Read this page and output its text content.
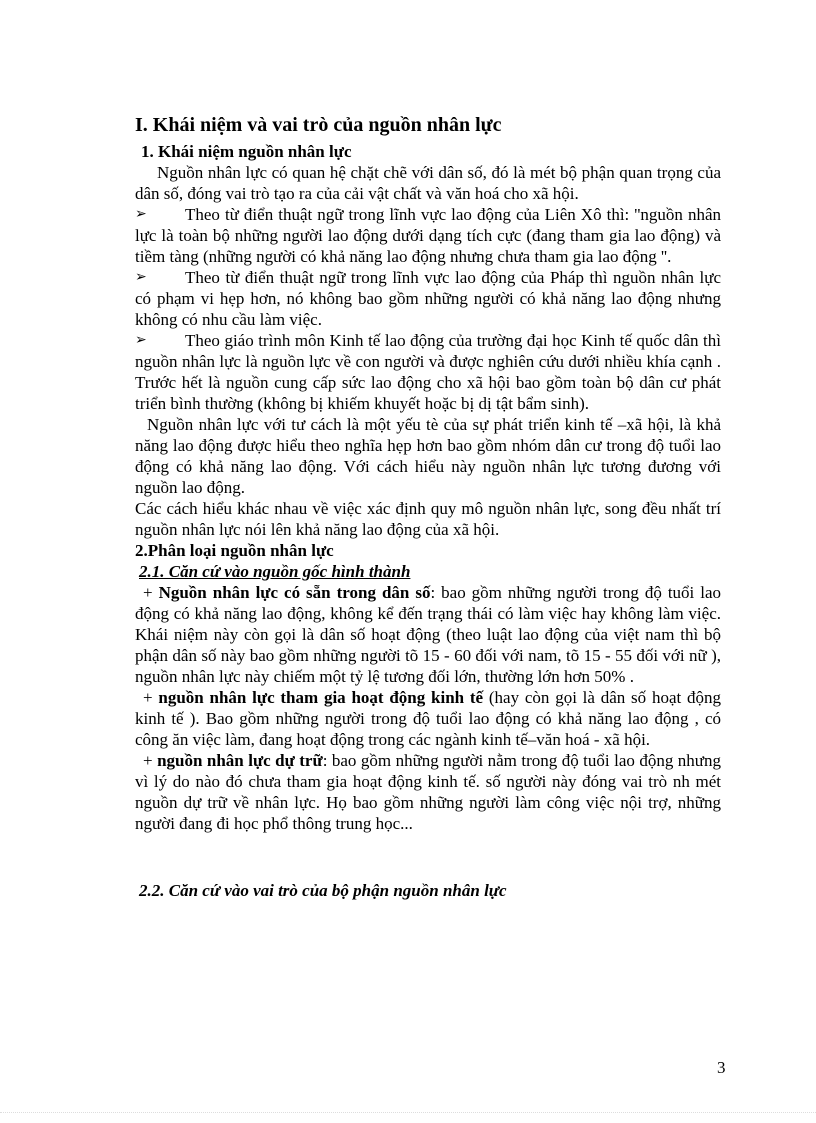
I. Khái niệm và vai trò của nguồn nhân lực
1. Khái niệm nguồn nhân lực

Nguồn nhân lực có quan hệ chặt chẽ với dân số, đó là mét bộ phận quan trọng của dân số, đóng vai trò tạo ra của cải vật chất và văn hoá cho xã hội.

➢ Theo từ điển thuật ngữ trong lĩnh vực lao động của Liên Xô thì: ''nguồn nhân lực là toàn bộ những người lao động dưới dạng tích cực (đang tham gia lao động) và tiềm tàng (những người có khả năng lao động nhưng chưa tham gia lao động ''.

➢ Theo từ điển thuật ngữ trong lĩnh vực lao động của Pháp thì nguồn nhân lực có phạm vi hẹp hơn, nó không bao gồm những người có khả năng lao động nhưng không có nhu cầu làm việc.

➢ Theo giáo trình môn Kinh tế lao động của trường đại học Kinh tế quốc dân thì nguồn nhân lực là nguồn lực về con người và được nghiên cứu dưới nhiều khía cạnh . Trước hết là nguồn cung cấp sức lao động cho xã hội bao gồm toàn bộ dân cư phát triển bình thường (không bị khiếm khuyết hoặc bị dị tật bẩm sinh).

Nguồn nhân lực với tư cách là một yếu tè của sự phát triển kinh tế –xã hội, là khả năng lao động được hiểu theo nghĩa hẹp hơn bao gồm nhóm dân cư trong độ tuổi lao động có khả năng lao động. Với cách hiểu này nguồn nhân lực tương đương với nguồn lao động.

Các cách hiểu khác nhau về việc xác định quy mô nguồn nhân lực, song đều nhất trí nguồn nhân lực nói lên khả năng lao động của xã hội.

2.Phân loại nguồn nhân lực
2.1. Căn cứ vào nguồn gốc hình thành

+ Nguồn nhân lực có sẵn trong dân số: bao gồm những người trong độ tuổi lao động có khả năng lao động, không kể đến trạng thái có làm việc hay không làm việc. Khái niệm này còn gọi là dân số hoạt động (theo luật lao động của việt nam thì bộ phận dân số này bao gồm những người tõ 15 - 60 đối với nam, tõ 15 - 55 đối với nữ ), nguồn nhân lực này chiếm một tỷ lệ tương đối lớn, thường lớn hơn 50% .

+ nguồn nhân lực tham gia hoạt động kinh tế (hay còn gọi là dân số hoạt động kinh tế ). Bao gồm những người trong độ tuổi lao động có khả năng lao động , có công ăn việc làm, đang hoạt động trong các ngành kinh tế–văn hoá - xã hội.

+ nguồn nhân lực dự trữ: bao gồm những người nằm trong độ tuổi lao động nhưng vì lý do nào đó chưa tham gia hoạt động kinh tế. số người này đóng vai trò nh mét nguồn dự trữ về nhân lực. Họ bao gồm những người làm công việc nội trợ, những người đang đi học phổ thông trung học...

2.2. Căn cứ vào vai trò của bộ phận nguồn nhân lực
3
